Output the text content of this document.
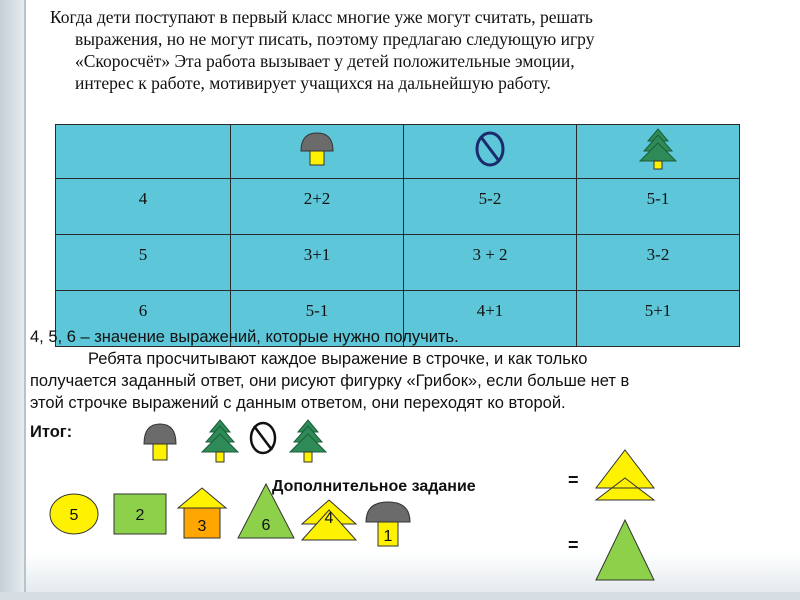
Когда дети поступают в первый класс многие уже могут считать, решать
выражения, но не могут писать, поэтому предлагаю следующую игру
«Скоросчёт» Эта работа вызывает у детей положительные эмоции,
интерес к работе, мотивирует учащихся на дальнейшую работу.

4	2+2	5-2	5-1
5	3+1	3 + 2	3-2
6	5-1	4+1	5+1
4, 5, 6 – значение выражений, которые нужно получить.
Ребята просчитывают каждое выражение в строчке, и как только
получается заданный ответ, они рисуют фигурку «Грибок», если больше нет в
этой строчке выражений с данным ответом, они переходят ко второй.
Итог:
Дополнительное задание	=
=
5	2
3	6	4
1
